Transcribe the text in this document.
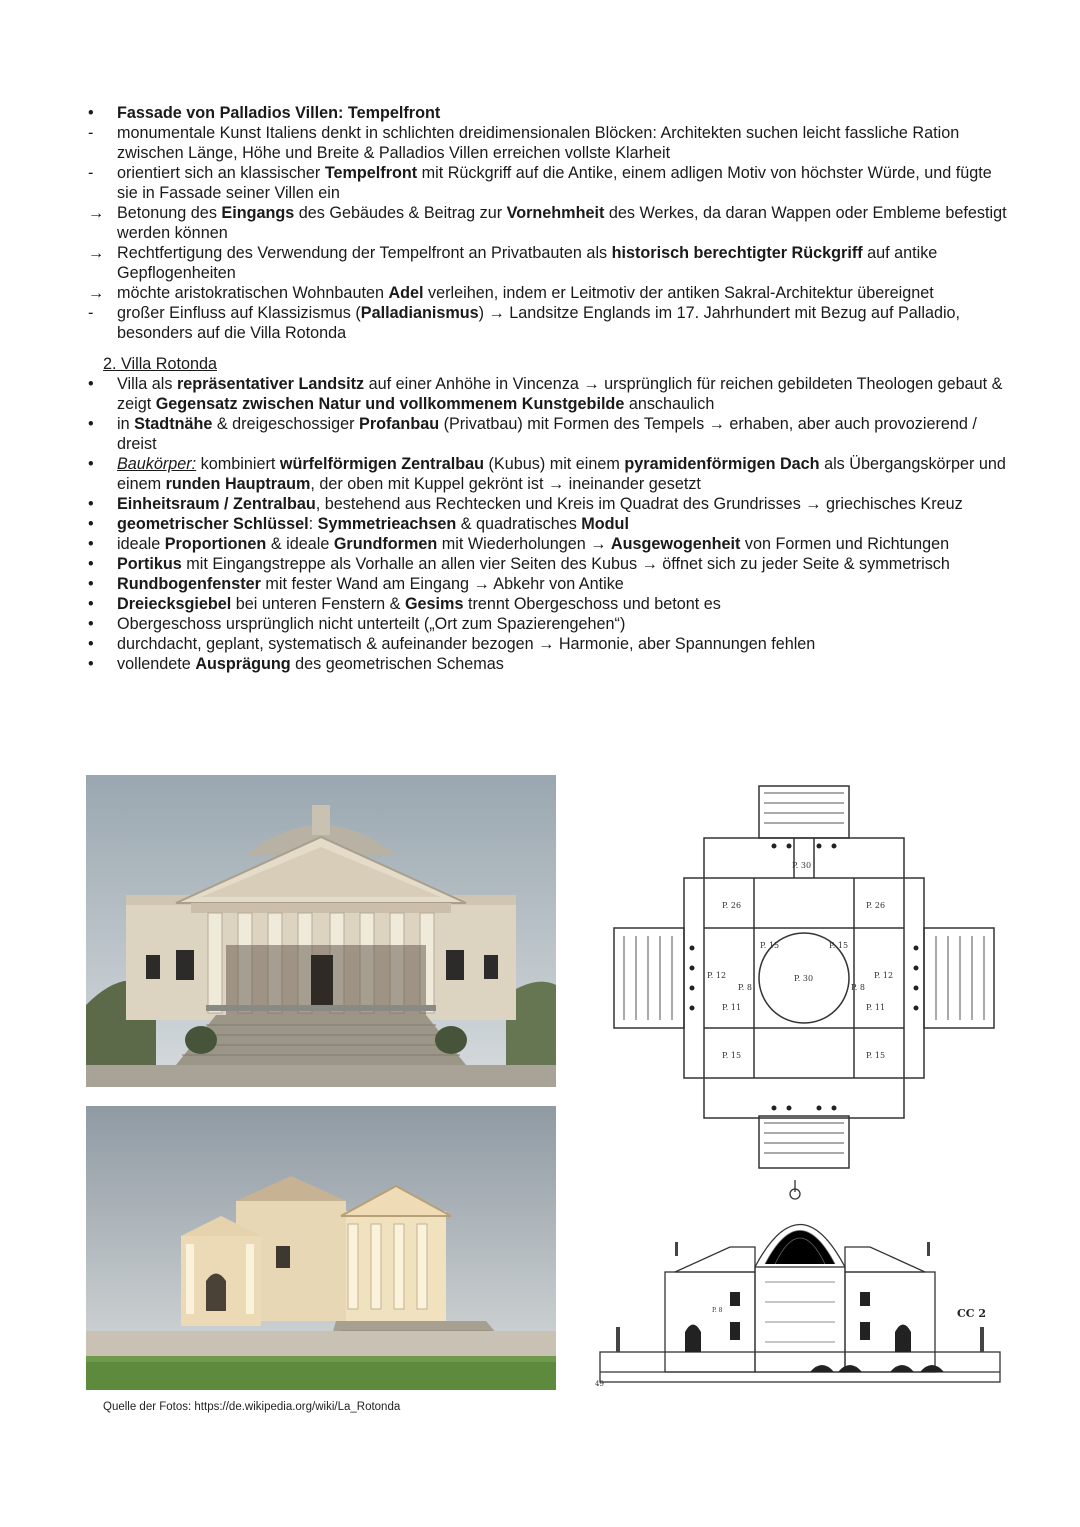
•	Fassade von Palladios Villen: Tempelfront
-	monumentale Kunst Italiens denkt in schlichten dreidimensionalen Blöcken: Architekten suchen leicht fassliche Ration zwischen Länge, Höhe und Breite & Palladios Villen erreichen vollste Klarheit
-	orientiert sich an klassischer Tempelfront mit Rückgriff auf die Antike, einem adligen Motiv von höchster Würde, und fügte sie in Fassade seiner Villen ein
→ Betonung des Eingangs des Gebäudes & Beitrag zur Vornehmheit des Werkes, da daran Wappen oder Embleme befestigt werden können
→ Rechtfertigung des Verwendung der Tempelfront an Privatbauten als historisch berechtigter Rückgriff auf antike Gepflogenheiten
→ möchte aristokratischen Wohnbauten Adel verleihen, indem er Leitmotiv der antiken Sakral-Architektur übereignet
-	großer Einfluss auf Klassizismus (Palladianismus) → Landsitze Englands im 17. Jahrhundert mit Bezug auf Palladio, besonders auf die Villa Rotonda
2. Villa Rotonda
•	Villa als repräsentativer Landsitz auf einer Anhöhe in Vincenza → ursprünglich für reichen gebildeten Theologen gebaut & zeigt Gegensatz zwischen Natur und vollkommenem Kunstgebilde anschaulich
•	in Stadtnähe & dreigeschossiger Profanbau (Privatbau) mit Formen des Tempels → erhaben, aber auch provozierend / dreist
•	Baukörper: kombiniert würfelförmigen Zentralbau (Kubus) mit einem pyramidenförmigen Dach als Übergangskörper und einem runden Hauptraum, der oben mit Kuppel gekrönt ist → ineinander gesetzt
•	Einheitsraum / Zentralbau, bestehend aus Rechtecken und Kreis im Quadrat des Grundrisses → griechisches Kreuz
•	geometrischer Schlüssel: Symmetrieachsen & quadratisches Modul
•	ideale Proportionen & ideale Grundformen mit Wiederholungen → Ausgewogenheit von Formen und Richtungen
•	Portikus mit Eingangstreppe als Vorhalle an allen vier Seiten des Kubus → öffnet sich zu jeder Seite & symmetrisch
•	Rundbogenfenster mit fester Wand am Eingang → Abkehr von Antike
•	Dreiecksgiebel bei unteren Fenstern & Gesims trennt Obergeschoss und betont es
•	Obergeschoss ursprünglich nicht unterteilt („Ort zum Spazierengehen“)
•	durchdacht, geplant, systematisch & aufeinander bezogen → Harmonie, aber Spannungen fehlen
•	vollendete Ausprägung des geometrischen Schemas
P. 30
P. 26	P. 26
P. 30
P. 15	P. 15
P. 12	P. 12
P. 11	P. 11
P. 15	P. 15
P. 8	P. 8
49
CC 2
P. 8
Quelle der Fotos: https://de.wikipedia.org/wiki/La_Rotonda
